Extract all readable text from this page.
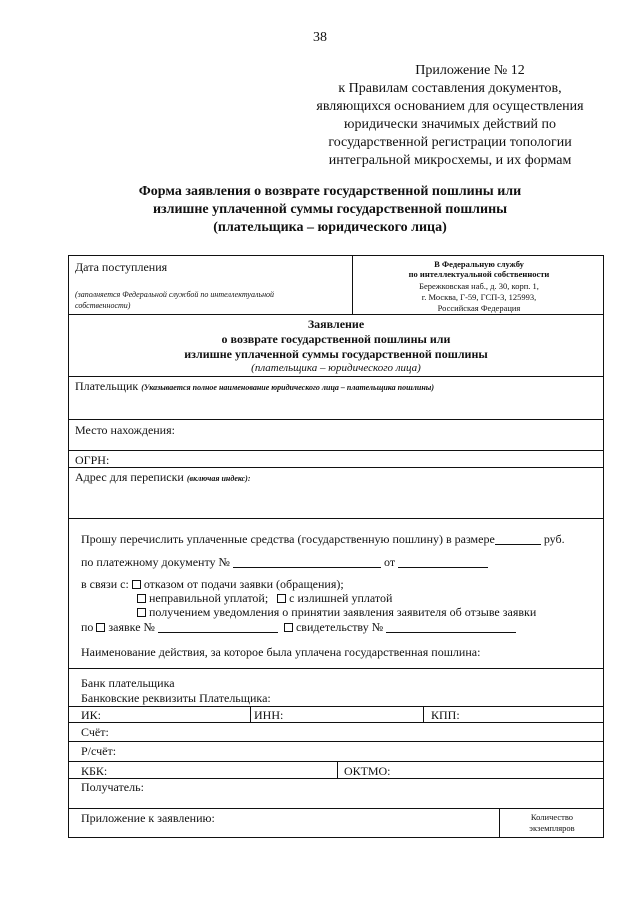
38
Приложение № 12
к Правилам составления документов,
являющихся основанием для осуществления
юридически значимых действий по
государственной регистрации топологии
интегральной микросхемы, и их формам
Форма заявления о возврате государственной пошлины или
излишне уплаченной суммы государственной пошлины
(плательщика – юридического лица)
Дата поступления
(заполняется Федеральной службой по интеллектуальной
собственности)
В Федеральную службу
по интеллектуальной собственности
Бережковская наб., д. 30, корп. 1,
г. Москва, Г-59, ГСП-3, 125993,
Российская Федерация
Заявление
о возврате государственной пошлины или
излишне уплаченной суммы государственной пошлины
(плательщика – юридического лица)
Плательщик (Указывается полное наименование юридического лица – плательщика пошлины)
Место нахождения:
ОГРН:
Адрес для переписки (включая индекс):
Прошу перечислить уплаченные средства (государственную пошлину) в размере	руб.
по платежному документу №	от
в связи с: отказом от подачи заявки (обращения);
неправильной уплатой; с излишней уплатой
получением уведомления о принятии заявления заявителя об отзыве заявки
по заявке №	свидетельству №
Наименование действия, за которое была уплачена государственная пошлина:
Банк плательщика
Банковские реквизиты Плательщика:
ИК:	ИНН:	КПП:
Счёт:
Р/счёт:
КБК:	ОКТМО:
Получатель:
Приложение к заявлению:	Количество
экземпляров
